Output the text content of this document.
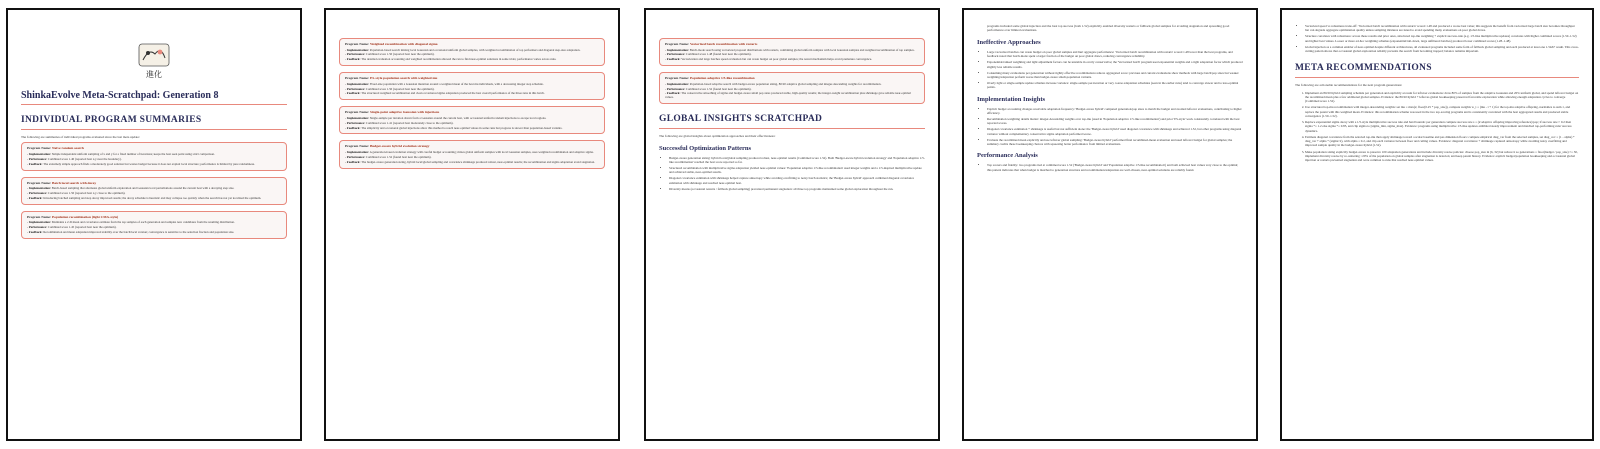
進化
ShinkaEvolve Meta-Scratchpad: Generation 8
INDIVIDUAL PROGRAM SUMMARIES

The following are summaries of individual programs evaluated since the last meta update:

Program Name: Naive random search

- Implementation: Simple independent uniform sampling of x and y for a fixed number of iterations; keeps the best seen point using strict comparison.

- Performance: Combined score 1.40 (reported best x,y near the boundary).

- Feedback: The extremely simple approach finds a moderately good solution but wastes budget because it does not exploit local structure; performance is limited by pure randomness.

Program Name: Batch local search with decay

- Implementation: Batch-based sampling that alternates global uniform exploration and Gaussian local perturbations around the current best with a decaying step size.

- Performance: Combined score 1.50 (reported best x,y close to the optimum).

- Feedback: Introducing batched sampling and step decay improved results; the decay schedule is heuristic and may collapse too quickly when the search has not yet localized the optimum.

Program Name: Population recombination (light CMA-style)

- Implementation: Maintains a 2-D mean and covariance estimate from the top samples of each generation and samples new candidates from the resulting distribution.

- Performance: Combined score 1.45 (reported best near the optimum).

- Feedback: Recombination and mean adaptation improved stability over the batch/local version; convergence is sensitive to the selection fraction and population size.

Program Name: Weighted recombination with diagonal sigma

- Implementation: Population-based search mixing local Gaussian and occasional uniform global samples, with weighted recombination of top performers and diagonal step-size adaptation.

- Performance: Combined score 1.50 (reported best near the optimum).

- Feedback: The detailed evaluation accounting and weighted recombination allowed the run to find near-optimal solutions in some trials; performance varies across runs.

Program Name: ES-style population search with weighted mu

- Implementation: Fixed-size population with a Gaussian mutation around a weighted mean of the best mu individuals, with a decreasing integer step schedule.

- Performance: Combined score 1.50 (reported best near the optimum).

- Feedback: The structured weighted recombination and clean covariance/sigma adaptation produced the best overall performance of the three runs in this batch.

Program Name: Single-point adaptive Gaussian with injections

- Implementation: Single-sample per iteration drawn from a Gaussian around the current best, with occasional uniform random injections to escape local regions.

- Performance: Combined score 1.41 (reported best moderately close to the optimum).

- Feedback: The simplicity and occasional global injections allow this method to reach near-optimal values in some runs but progress is slower than population-based variants.

Program Name: Budget-aware hybrid evolution strategy

- Implementation: A generation-based evolution strategy with careful budget accounting; mixes global uniform samples with local Gaussian samples, uses weighted recombination and adaptive sigma.

- Performance: Combined score 1.52 (found best near the optimum).

- Feedback: The budget-aware generation sizing, hybrid local/global sampling and covariance shrinkage produced robust, near-optimal results; the recombination and sigma adaptation avoid stagnation.

Program Name: Vectorized batch recombination with restarts

- Implementation: Batch-mode search using vectorized proposal distributions with restarts, combining global uniform samples with local Gaussian samples and weighted recombination of top samples.

- Performance: Combined score 1.48 (found best near the optimum).

- Feedback: Vectorization and large batches speed evaluation but can waste budget on poor global samples; the restart mechanism helps avoid premature convergence.

Program Name: Population adaptive 1/5-like recombination

- Implementation: Population-based adaptive search with budget-aware population sizing, 80/20 adaptive global sampling and integer-descending weights for recombination.

- Performance: Combined score 1.52 (found best near the optimum).

- Feedback: The conservative smoothing of sigma and budget-aware small pop sizes produced stable, high-quality results; the integer-weight recombination plus shrinkage gave reliable near-optimal values.

GLOBAL INSIGHTS SCRATCHPAD

The following are global insights about optimization approaches and their effectiveness:

Successful Optimization Patterns
• Budget-aware generation sizing: hybrid local/global sampling produced robust, near-optimal results (Combined score 1.52). Both 'Budget-aware hybrid evolution strategy' and 'Population adaptive 1/5-like recombination' reached the best score reported so far.
• Structured recombination with multiplicative sigma adaptation yielded near-optimal values: 'Population adaptive 1/5-like recombination' used integer weights and a 1/5-inspired multiplicative update and achieved stable, near-optimal results.
• Diagonal covariance estimation with shrinkage helped capture anisotropy while avoiding overfitting to noisy batch statistics; the 'Budget-aware hybrid' approach combined diagonal covariance estimation with shrinkage and reached near-optimal best.
• Diversity means (occasional restarts / fallback global sampling) prevented permanent stagnation: all three top programs maintained some global exploration throughout the run.

programs included some global injection and the best top success (both 1.52) explicitly enabled diversity restarts or fallback global samples for avoiding stagnation and spreading good performance over limited evaluations.

Ineffective Approaches
• Large vectorized batches can waste budget on poor global samples and hurt aggregate performance: 'Vectorized batch recombination with restarts' scored 1.48 lower than the best programs, and feedback noted that batch-mode spent a larger fraction of the budget on poor global draws, reducing convergence reliability.
• Exponential/ranked weighting and tight adjustment factors can be unstable in overly conservative; the 'Vectorized batch' program used exponential weights and a tight adaptation factor which produced slightly less reliable results.
• Consuming many evaluations per generation without tightly effective recombination reduces aggregated score: previous and current evaluations show methods with large batch/pop sizes but weaker weighting/adaptation perform worse than budget-aware small-population variants.
• Overly tight or single-sample update schemes increase variance: single-sample per-iteration or very coarse adaptation schedules (seen in the earlier runs) tend to converge slower and to less-optimal points.
Implementation Insights
• Explicit budget accounting changes resolvable adaptation frequency: 'Budget-aware hybrid' computed generation/pop sizes to match the budget and avoided leftover evaluations, contributing to higher efficiency.
• Recombination weighting details matter: integer-descending weights over top-mu (used in 'Population adaptive 1/5-like recombination') and prior 'ES-style' work consistently correlated with the best reported scores.
• Diagonal covariance estimation + shrinkage is useful but not sufficient alone: the 'Budget-aware hybrid' used diagonal covariance with shrinkage and achieved 1.52, but other programs using diagonal variance without complementary conservative sigma adaptation performed worse.
• Evaluate the recombined mean explicitly and use leftover global sampling: 'Budget-aware hybrid' performed final recombined-mean evaluation and used leftover budget for global samples; the summary credits these bookkeeping choices with squeezing better performance from limited evaluations.
Performance Analysis
• Top scorers and fidelity: two programs tied at combined score 1.52 ('Budget-aware hybrid' and 'Population adaptive 1/5-like recombination') and both achieved best values very close to the optimal; this pattern indicates that when budget is matched to generation structure and recombination/adaptation are well-chosen, near-optimal solutions are reliably found.
• Vectorized speed vs robustness trade-off: 'Vectorized batch recombination with restarts' scored 1.48 and produced a worse best value; this suggests the benefit from vectorized large batch size becomes throughput but can degrade aggregate optimization quality unless sampling mixtures are tuned to avoid spending many evaluations on poor global draws.
• Structure correlates with robustness: across these results and prior ones, structured top-mu weighting + explicit success-rule (e.g. 1/5-like multiplicative updates) correlates with higher combined scores (1.50–1.52) and tighter best values. Looser or more ad-hoc weighting schemes (exponential/tail-down, large unfiltered batches) produced lower combined scores (1.28–1.48).
• Global injection as a common enabler of near-optimal despite different architectures, all evaluated programs included some form of fallback global sampling and each produced at least one 1.5ish+ result. This cross-cutting pattern shows that occasional global exploration reliably prevents the search from becoming trapped; balance remains important.
META RECOMMENDATIONS

The following are actionable recommendations for the next program generations:

1. Implement an 80/20 hybrid sampling schedule per generation and explicitly account for leftover evaluations: draw 80% of samples from the adaptive Gaussian and 20% uniform global, and spend leftover budget on the recombined mean plus a few additional global samples. Evidence: the 80/20 hybrid + leftover-global bookkeeping preserved favorable exploration while allowing enough adaptation cycles to converge (Combined score 1.52).
2. Use structured top-mu recombination with integer-descending weights: set mu = max(2, floor(0.25 * pop_size)), compute weights w_i = (mu - i + 1) for the top-mu adaptive offspring, normalize to sum 1, and replace the parent with this weighted mean. Evidence: this recombination scheme was used in the two top-scoring programs and is consistently correlated with the best aggregated results and produced stable convergence (1.50–1.52).
3. Replace exponential sigma decay with a 1/5-style multiplicative success rule and hard bounds: per generation compute success rate s = (# adaptive offspring improving reference)/pop; if success rate > 0.2 then sigma *= 1.2 else sigma *= 0.85, and clip sigma to [sigma_min, sigma_max]. Evidence: programs using multiplicative 1/5-like updates exhibited steady improvement and matched top-performing runs' success dynamics.
4. Estimate diagonal covariance from the selected top-mu then apply shrinkage toward a scalar baseline and per-dimension floors: compute empirical diag_var from the selected samples, set diag_cov = (1 - alpha) * diag_var + alpha * (sigma^2), with alpha = 0.2, and clip each variance between floor and ceiling values. Evidence: diagonal covariance + shrinkage captured anisotropy while avoiding noisy overfitting and improved sample quality in the budget-aware hybrid (1.52).
5. Make population sizing explicitly budget-aware to preserve 100 adaptation generations and include diversity rescue policies: choose pop_size in [6, 32] but reduce it so generations = floor(budget / pop_size) >= 30, implement diversity rescue by re-centering ~20% of the population on global samples after stagnation is detected, and keep parent history. Evidence: explicit budget/population bookkeeping and occasional global injection or restarts prevented stagnation and were common to runs that reached near-optimal values.
